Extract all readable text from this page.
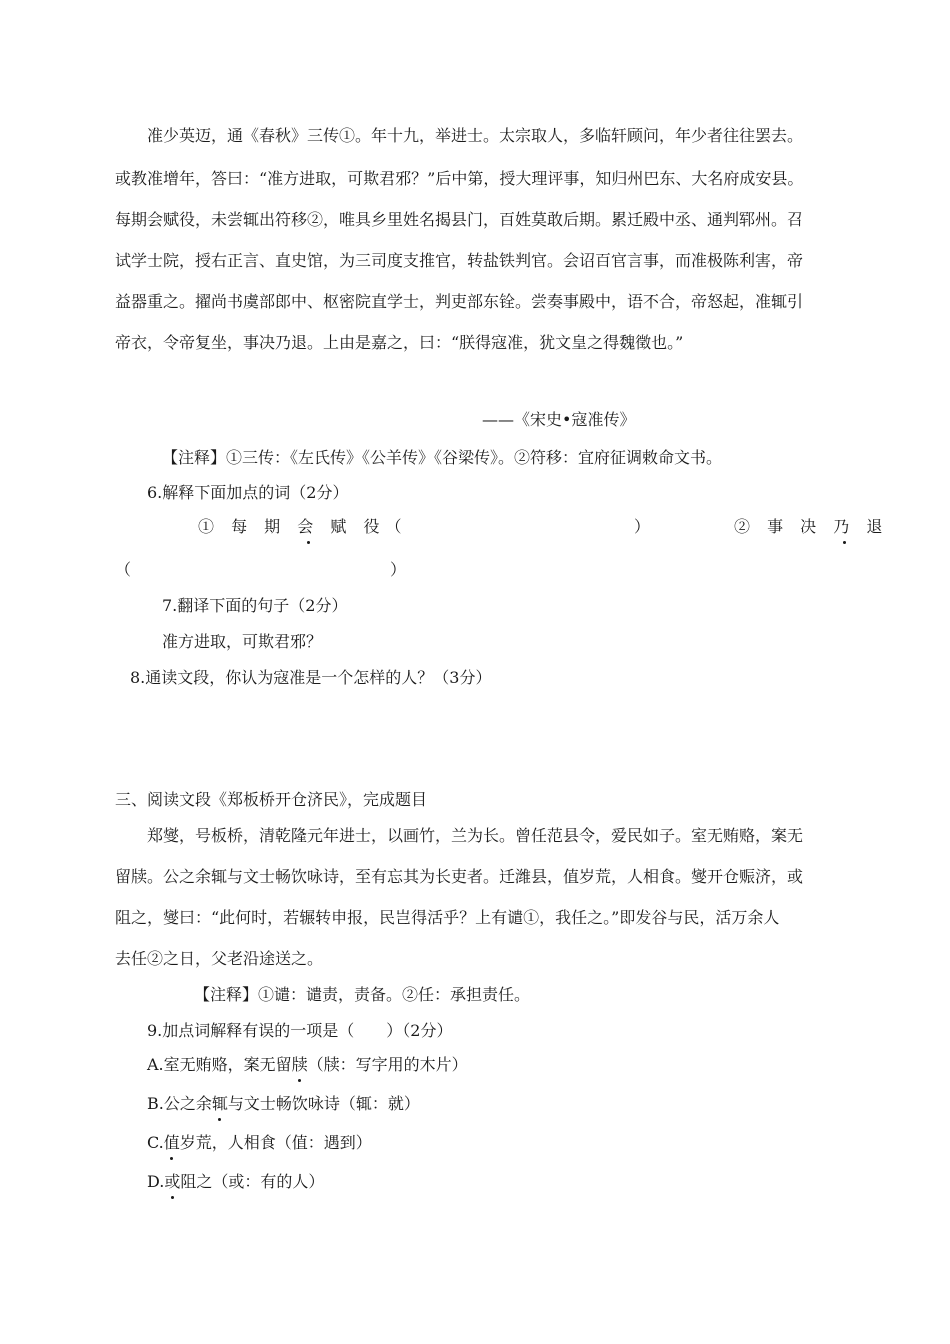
准少英迈，通《春秋》三传①。年十九，举进士。太宗取人，多临轩顾问，年少者往往罢去。
或教准增年，答曰：“准方进取，可欺君邪？”后中第，授大理评事，知归州巴东、大名府成安县。
每期会赋役，未尝辄出符移②，唯具乡里姓名揭县门，百姓莫敢后期。累迁殿中丞、通判郓州。召
试学士院，授右正言、直史馆，为三司度支推官，转盐铁判官。会诏百官言事，而准极陈利害，帝
益器重之。擢尚书虞部郎中、枢密院直学士，判吏部东铨。尝奏事殿中，语不合，帝怒起，准辄引
帝衣，令帝复坐，事决乃退。上由是嘉之，曰：“朕得寇准，犹文皇之得魏徵也。”
——《宋史•寇准传》
【注释】①三传：《左氏传》《公羊传》《谷梁传》。②符移：宜府征调敕命文书。
6.解释下面加点的词（2分）
① 每 期 会 赋 役（	）	② 事 决 乃 退
（	）
7.翻译下面的句子（2分）
准方进取，可欺君邪？
8.通读文段，你认为寇准是一个怎样的人？（3分）
三、阅读文段《郑板桥开仓济民》，完成题目
郑燮，号板桥，清乾隆元年进士，以画竹，兰为长。曾任范县令，爱民如子。室无贿赂，案无
留牍。公之余辄与文士畅饮咏诗，至有忘其为长吏者。迁潍县，值岁荒，人相食。燮开仓赈济，或
阻之，燮曰：“此何时，若辗转申报，民岂得活乎？上有谴①，我任之。”即发谷与民，活万余人
去任②之日，父老沿途送之。
【注释】①谴：谴责，责备。②任：承担责任。
9.加点词解释有误的一项是（　　）（2分）
A.室无贿赂，案无留牍（牍：写字用的木片）
B.公之余辄与文士畅饮咏诗（辄：就）
C.值岁荒，人相食（值：遇到）
D.或阻之（或：有的人）
